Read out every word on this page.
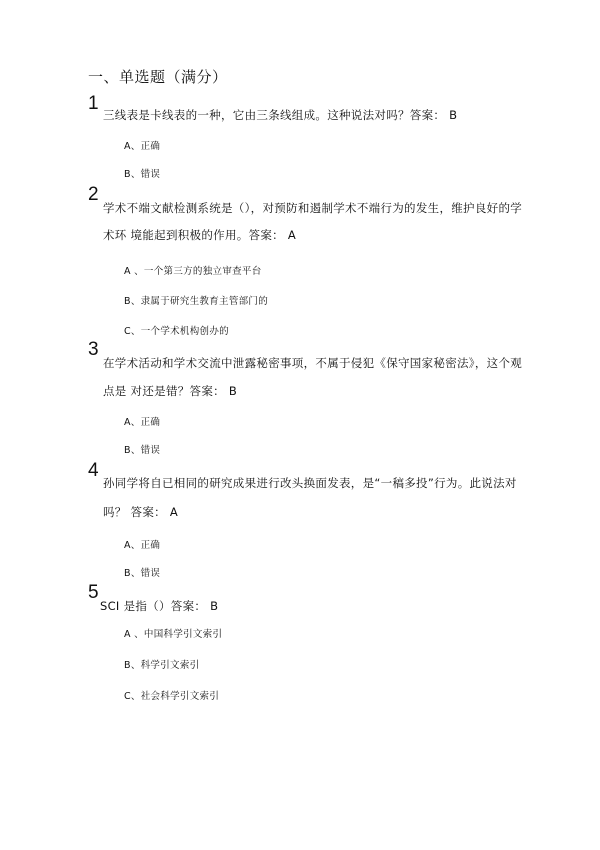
一、单选题（满分）
1
三线表是卡线表的一种，它由三条线组成。这种说法对吗？答案： B
A、正确
B、错误
2
学术不端文献检测系统是（），对预防和遏制学术不端行为的发生，维护良好的学
术环 境能起到积极的作用。答案： A
A 、一个第三方的独立审查平台
B、隶属于研究生教育主管部门的
C、一个学术机构创办的
3
在学术活动和学术交流中泄露秘密事项，不属于侵犯《保守国家秘密法》，这个观
点是 对还是错？答案： B
A、正确
B、错误
4
孙同学将自已相同的研究成果进行改头换面发表，是“一稿多投”行为。此说法对
吗？ 答案： A
A、正确
B、错误
5
SCI 是指（）答案： B
A 、中国科学引文索引
B、科学引文索引
C、社会科学引文索引
